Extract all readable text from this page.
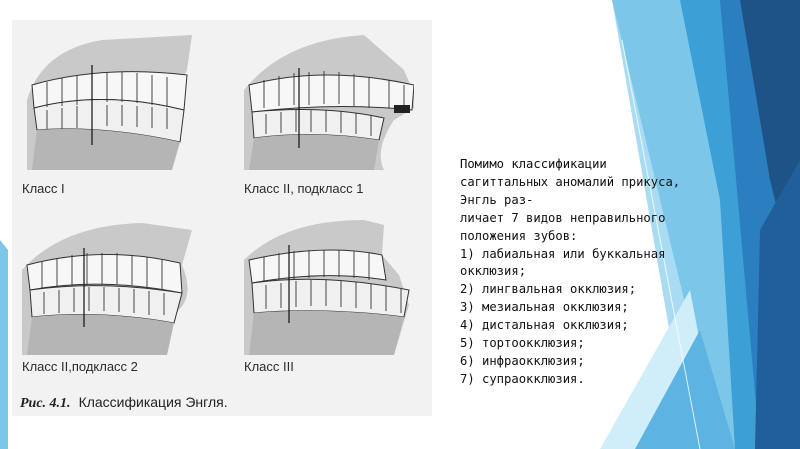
Класс I	Класс II, подкласс 1
Класс II,подкласс 2	Класс III
Рис. 4.1. Классификация Энгля.
Помимо классификации
сагиттальных аномалий прикуса,
Энгль раз-
личает 7 видов неправильного
положения зубов:
1) лабиальная или буккальная
окклюзия;
2) лингвальная окклюзия;
3) мезиальная окклюзия;
4) дистальная окклюзия;
5) тортоокклюзия;
6) инфраокклюзия;
7) супраокклюзия.
